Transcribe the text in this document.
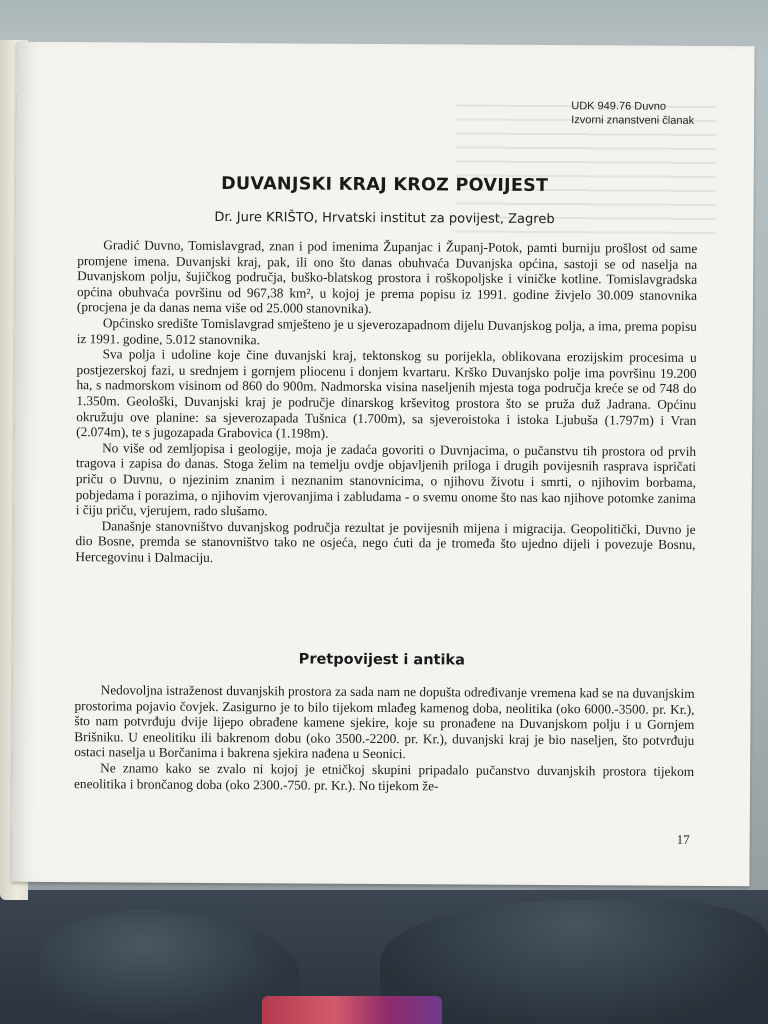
UDK 949.76 Duvno
Izvorni znanstveni članak
DUVANJSKI KRAJ KROZ POVIJEST
Dr. Jure KRIŠTO, Hrvatski institut za povijest, Zagreb

Gradić Duvno, Tomislavgrad, znan i pod imenima Županjac i Županj-Potok, pamti burniju prošlost od same promjene imena. Duvanjski kraj, pak, ili ono što danas obuhvaća Duvanjska općina, sastoji se od naselja na Duvanjskom polju, šujičkog područja, buško-blatskog prostora i roškopoljske i viničke kotline. Tomislavgradska općina obuhvaća površinu od 967,38 km², u kojoj je prema popisu iz 1991. godine živjelo 30.009 stanovnika (procjena je da danas nema više od 25.000 stanovnika).

Općinsko središte Tomislavgrad smješteno je u sjeverozapadnom dijelu Duvanjskog polja, a ima, prema popisu iz 1991. godine, 5.012 stanovnika.

Sva polja i udoline koje čine duvanjski kraj, tektonskog su porijekla, oblikovana erozijskim procesima u postjezerskoj fazi, u srednjem i gornjem pliocenu i donjem kvartaru. Krško Duvanjsko polje ima površinu 19.200 ha, s nadmorskom visinom od 860 do 900m. Nadmorska visina naseljenih mjesta toga područja kreće se od 748 do 1.350m. Geološki, Duvanjski kraj je područje dinarskog krševitog prostora što se pruža duž Jadrana. Općinu okružuju ove planine: sa sjeverozapada Tušnica (1.700m), sa sjeveroistoka i istoka Ljubuša (1.797m) i Vran (2.074m), te s jugozapada Grabovica (1.198m).

No više od zemljopisa i geologije, moja je zadaća govoriti o Duvnjacima, o pučanstvu tih prostora od prvih tragova i zapisa do danas. Stoga želim na temelju ovdje objavljenih priloga i drugih povijesnih rasprava ispričati priču o Duvnu, o njezinim znanim i neznanim stanovnicima, o njihovu životu i smrti, o njihovim borbama, pobjedama i porazima, o njihovim vjerovanjima i zabludama - o svemu onome što nas kao njihove potomke zanima i čiju priču, vjerujem, rado slušamo.

Današnje stanovništvo duvanjskog područja rezultat je povijesnih mijena i migracija. Geopolitički, Duvno je dio Bosne, premda se stanovništvo tako ne osjeća, nego ćuti da je tromeđa što ujedno dijeli i povezuje Bosnu, Hercegovinu i Dalmaciju.

Pretpovijest i antika

Nedovoljna istraženost duvanjskih prostora za sada nam ne dopušta određivanje vremena kad se na duvanjskim prostorima pojavio čovjek. Zasigurno je to bilo tijekom mlađeg kamenog doba, neolitika (oko 6000.-3500. pr. Kr.), što nam potvrđuju dvije lijepo obrađene kamene sjekire, koje su pronađene na Duvanjskom polju i u Gornjem Brišniku. U eneolitiku ili bakrenom dobu (oko 3500.-2200. pr. Kr.), duvanjski kraj je bio naseljen, što potvrđuju ostaci naselja u Borčanima i bakrena sjekira nađena u Seonici.

Ne znamo kako se zvalo ni kojoj je etničkoj skupini pripadalo pučanstvo duvanjskih prostora tijekom eneolitika i brončanog doba (oko 2300.-750. pr. Kr.). No tijekom že-

17
